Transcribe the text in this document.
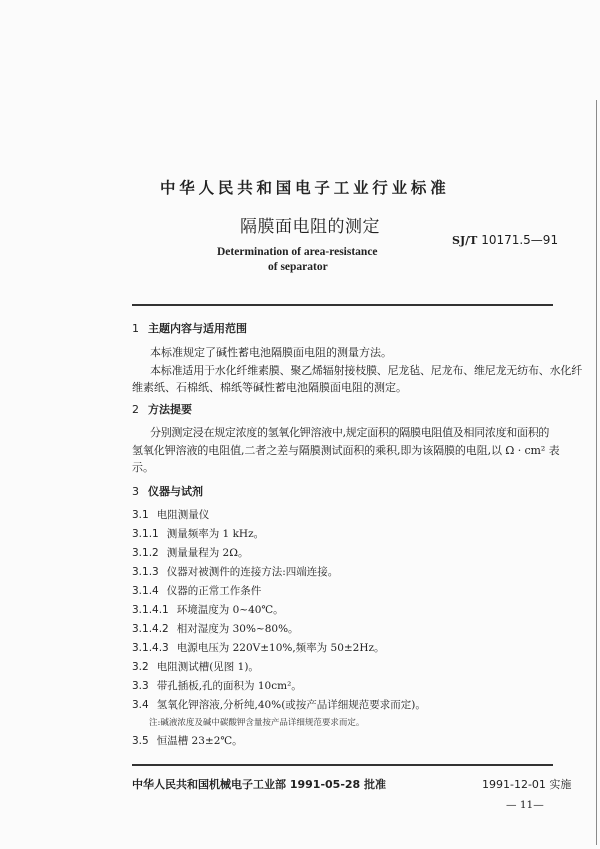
中华人民共和国电子工业行业标准
隔膜面电阻的测定
SJ/T 10171.5—91
Determination of area-resistance
of separator
1 主题内容与适用范围
本标准规定了碱性蓄电池隔膜面电阻的测量方法。
本标准适用于水化纤维素膜、聚乙烯辐射接枝膜、尼龙毡、尼龙布、维尼龙无纺布、水化纤
维素纸、石棉纸、棉纸等碱性蓄电池隔膜面电阻的测定。
2 方法提要
分别测定浸在规定浓度的氢氧化钾溶液中,规定面积的隔膜电阻值及相同浓度和面积的
氢氧化钾溶液的电阻值,二者之差与隔膜测试面积的乘积,即为该隔膜的电阻,以 Ω · cm² 表
示。
3 仪器与试剂
3.1 电阻测量仪
3.1.1 测量频率为 1 kHz。
3.1.2 测量量程为 2Ω。
3.1.3 仪器对被测件的连接方法:四端连接。
3.1.4 仪器的正常工作条件
3.1.4.1 环境温度为 0~40℃。
3.1.4.2 相对湿度为 30%~80%。
3.1.4.3 电源电压为 220V±10%,频率为 50±2Hz。
3.2 电阻测试槽(见图 1)。
3.3 带孔插板,孔的面积为 10cm²。
3.4 氢氧化钾溶液,分析纯,40%(或按产品详细规范要求而定)。
注:碱液浓度及碱中碳酸钾含量按产品详细规范要求而定。
3.5 恒温槽 23±2℃。
中华人民共和国机械电子工业部 1991-05-28 批准	1991-12-01 实施
— 11—
